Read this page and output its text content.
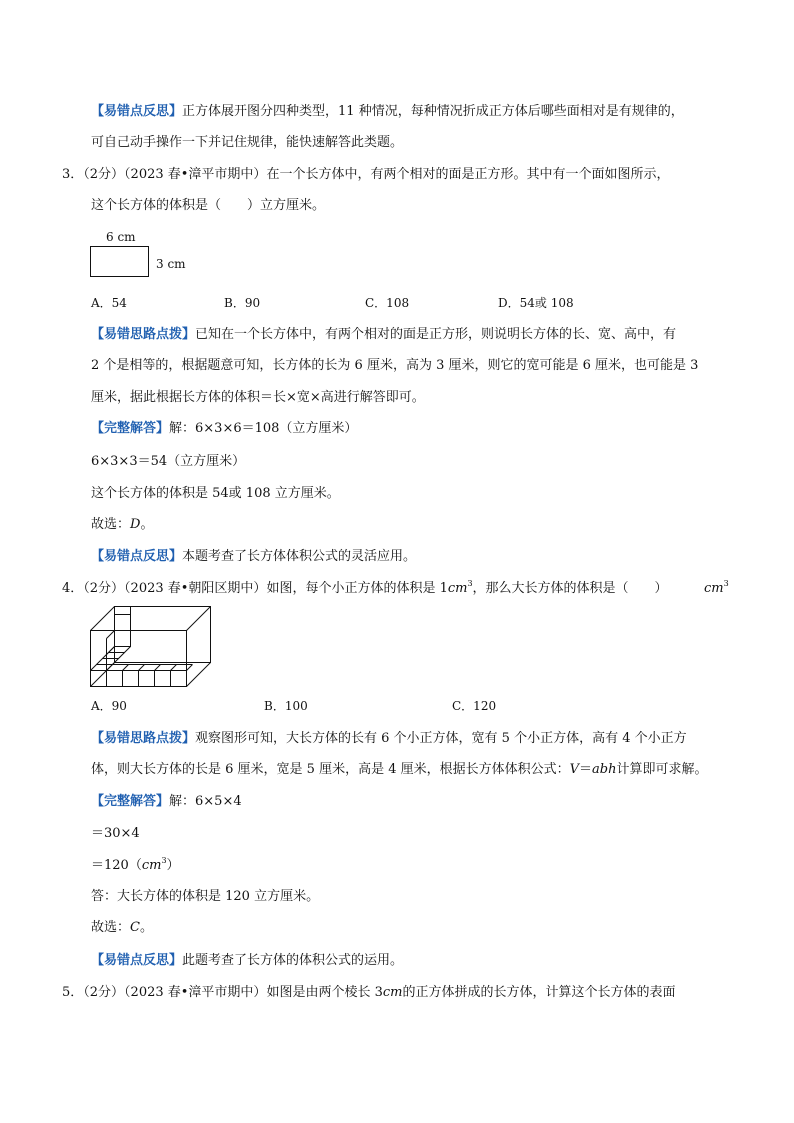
【易错点反思】正方体展开图分四种类型，11 种情况，每种情况折成正方体后哪些面相对是有规律的，
可自己动手操作一下并记住规律，能快速解答此类题。
3．（2分）（2023 春•漳平市期中）在一个长方体中，有两个相对的面是正方形。其中有一个面如图所示，
这个长方体的体积是（　　）立方厘米。
6 cm
3 cm
A．54	B．90	C．108	D．54或 108
【易错思路点拨】已知在一个长方体中，有两个相对的面是正方形，则说明长方体的长、宽、高中，有
2 个是相等的，根据题意可知，长方体的长为 6 厘米，高为 3 厘米，则它的宽可能是 6 厘米，也可能是 3
厘米，据此根据长方体的体积＝长×宽×高进行解答即可。
【完整解答】解：6×3×6＝108（立方厘米）
6×3×3＝54（立方厘米）
这个长方体的体积是 54或 108 立方厘米。
故选：D。
【易错点反思】本题考查了长方体体积公式的灵活应用。
4．（2分）（2023 春•朝阳区期中）如图，每个小正方体的体积是 $1cm^3$，那么大长方体的体积是（　　）	$cm^3$
A．90	B．100	C．120
【易错思路点拨】观察图形可知，大长方体的长有 6 个小正方体，宽有 5 个小正方体，高有 4 个小正方
体，则大长方体的长是 6 厘米，宽是 5 厘米，高是 4 厘米，根据长方体体积公式：V＝abh计算即可求解。
【完整解答】解：6×5×4
＝30×4
$=120(cm^3)$
答：大长方体的体积是 120 立方厘米。
故选：C。
【易错点反思】此题考查了长方体的体积公式的运用。
5．（2分）（2023 春•漳平市期中）如图是由两个棱长 3cm的正方体拼成的长方体，计算这个长方体的表面
